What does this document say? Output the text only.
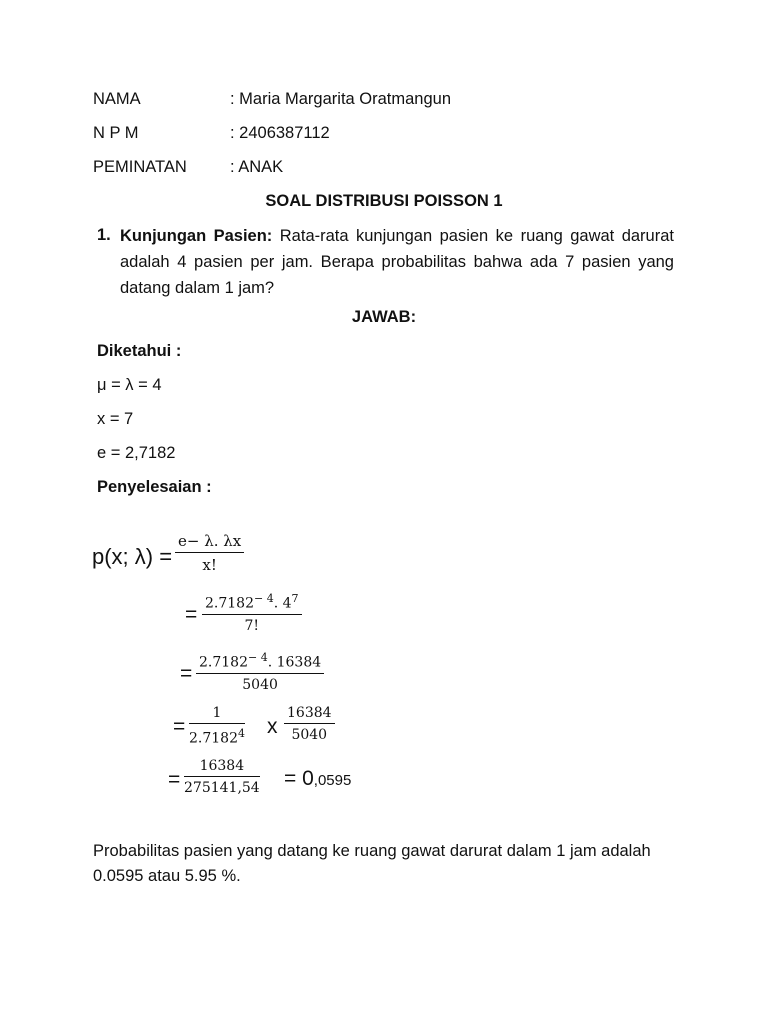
NAMA	: Maria Margarita Oratmangun
N P M	: 2406387112
PEMINATAN	: ANAK
SOAL DISTRIBUSI POISSON 1
1. Kunjungan Pasien: Rata-rata kunjungan pasien ke ruang gawat darurat adalah 4 pasien per jam. Berapa probabilitas bahwa ada 7 pasien yang datang dalam 1 jam?
JAWAB:
Diketahui :
μ = λ = 4
x = 7
e = 2,7182
Penyelesaian :
p(x; λ) =
e− λ. λx
x!
= $2.7182^{- 4}$. $4^7$
7!
= $2.7182^{- 4}$. 16384
5040
=
1
2.7182$^4$ x
16384
5040
=
16384
275141,54 = 0,0595
Probabilitas pasien yang datang ke ruang gawat darurat dalam 1 jam adalah 0.0595 atau 5.95 %.
